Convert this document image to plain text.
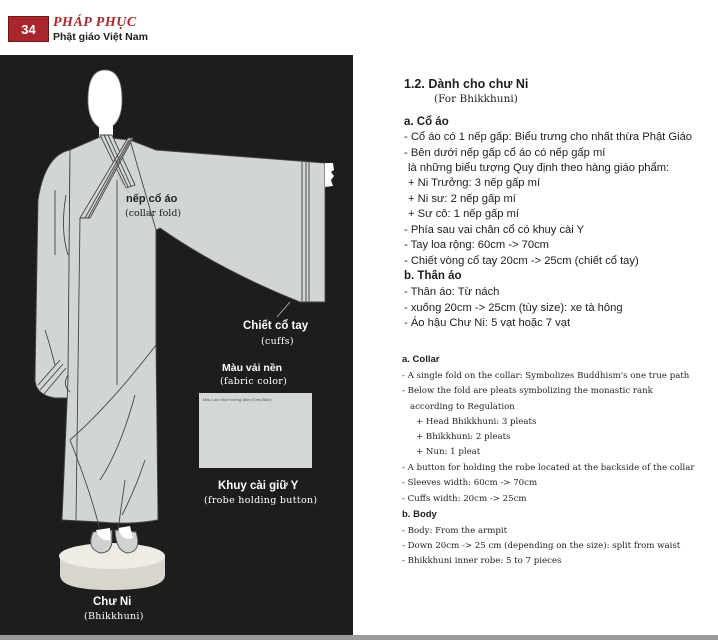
34	PHÁP PHỤC
Phật giáo Việt Nam
nếp cổ áo
(collar fold)
Chiết cổ tay
(cuffs)
Màu vải nền
(fabric color)
Màu Lam khói hướng đậm (Grey Blue)
Khuy cài giữ Y
(frobe holding button)
Chư Ni
(Bhikkhuni)
1.2. Dành cho chư Ni
(For Bhikkhuni)
a. Cổ áo
- Cổ áo có 1 nếp gấp: Biểu trưng cho nhất thừa Phật Giáo
- Bên dưới nếp gấp cổ áo có nếp gấp mí
là những biểu tượng Quy định theo hàng giáo phẩm:
+ Ni Trưởng: 3 nếp gấp mí
+ Ni sư: 2 nếp gấp mí
+ Sư cô: 1 nếp gấp mí
- Phía sau vai chân cổ có khuy cài Y
- Tay loa rộng: 60cm -> 70cm
- Chiết vòng cổ tay 20cm -> 25cm (chiết cổ tay)
b. Thân áo
- Thân áo: Từ nách
- xuống 20cm -> 25cm (tùy size): xe tà hông
- Áo hậu Chư Ni: 5 vạt hoặc 7 vạt
a. Collar
- A single fold on the collar: Symbolizes Buddhism's one true path
- Below the fold are pleats symbolizing the monastic rank
according to Regulation
+ Head Bhikkhuni: 3 pleats
+ Bhikkhuni: 2 pleats
+ Nun: 1 pleat
- A button for holding the robe located at the backside of the collar
- Sleeves width: 60cm -> 70cm
- Cuffs width: 20cm -> 25cm
b. Body
- Body: From the armpit
- Down 20cm -> 25 cm (depending on the size): split from waist
- Bhikkhuni inner robe: 5 to 7 pieces
